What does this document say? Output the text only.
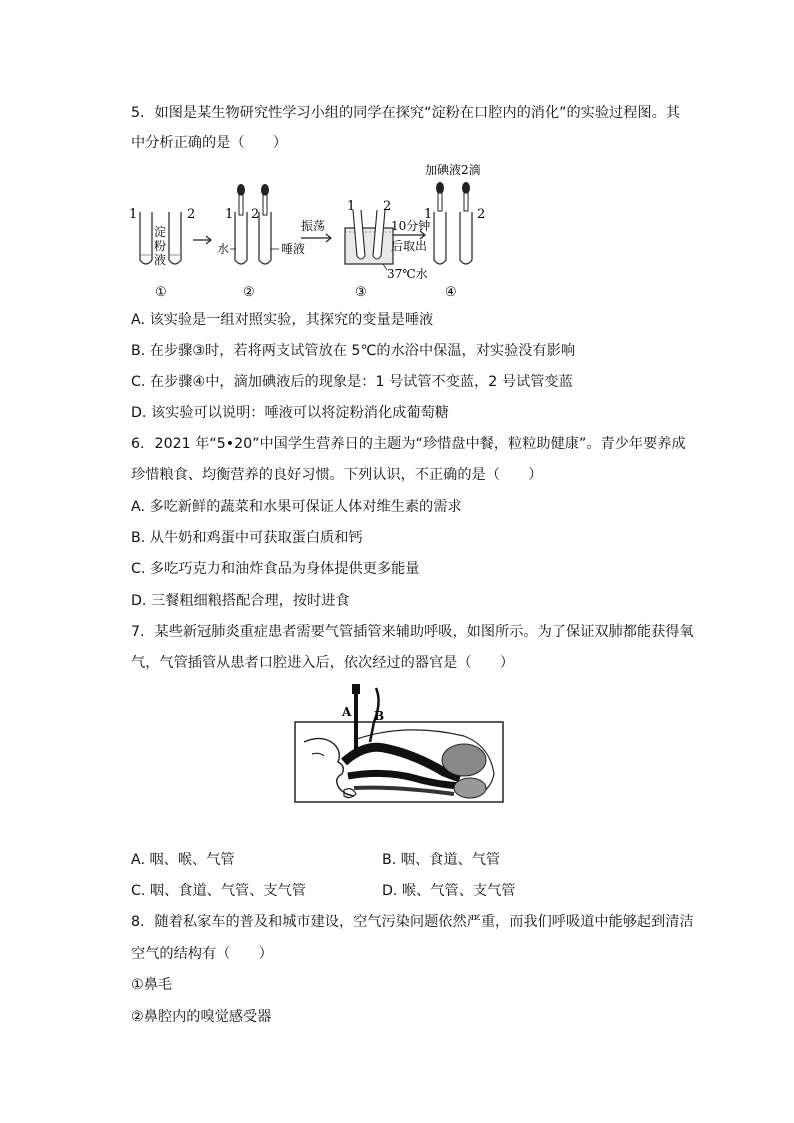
5. 如图是某生物研究性学习小组的同学在探究“淀粉在口腔内的消化”的实验过程图。其
中分析正确的是（　　）
1	2
淀
粉
液
1 2
水	唾液
振荡
1 2
37℃水
10分钟
后取出
加碘液2滴
1	2
①	②	③	④
A. 该实验是一组对照实验，其探究的变量是唾液
B. 在步骤③时，若将两支试管放在 5℃的水浴中保温，对实验没有影响
C. 在步骤④中，滴加碘液后的现象是：1 号试管不变蓝，2 号试管变蓝
D. 该实验可以说明：唾液可以将淀粉消化成葡萄糖
6. 2021 年“5•20”中国学生营养日的主题为“珍惜盘中餐，粒粒助健康”。青少年要养成
珍惜粮食、均衡营养的良好习惯。下列认识，不正确的是（　　）
A. 多吃新鲜的蔬菜和水果可保证人体对维生素的需求
B. 从牛奶和鸡蛋中可获取蛋白质和钙
C. 多吃巧克力和油炸食品为身体提供更多能量
D. 三餐粗细粮搭配合理，按时进食
7. 某些新冠肺炎重症患者需要气管插管来辅助呼吸，如图所示。为了保证双肺都能获得氧
气，气管插管从患者口腔进入后，依次经过的器官是（　　）
A B
A. 咽、喉、气管	B. 咽、食道、气管
C. 咽、食道、气管、支气管	D. 喉、气管、支气管
8. 随着私家车的普及和城市建设，空气污染问题依然严重，而我们呼吸道中能够起到清洁
空气的结构有（　　）
①鼻毛
②鼻腔内的嗅觉感受器
